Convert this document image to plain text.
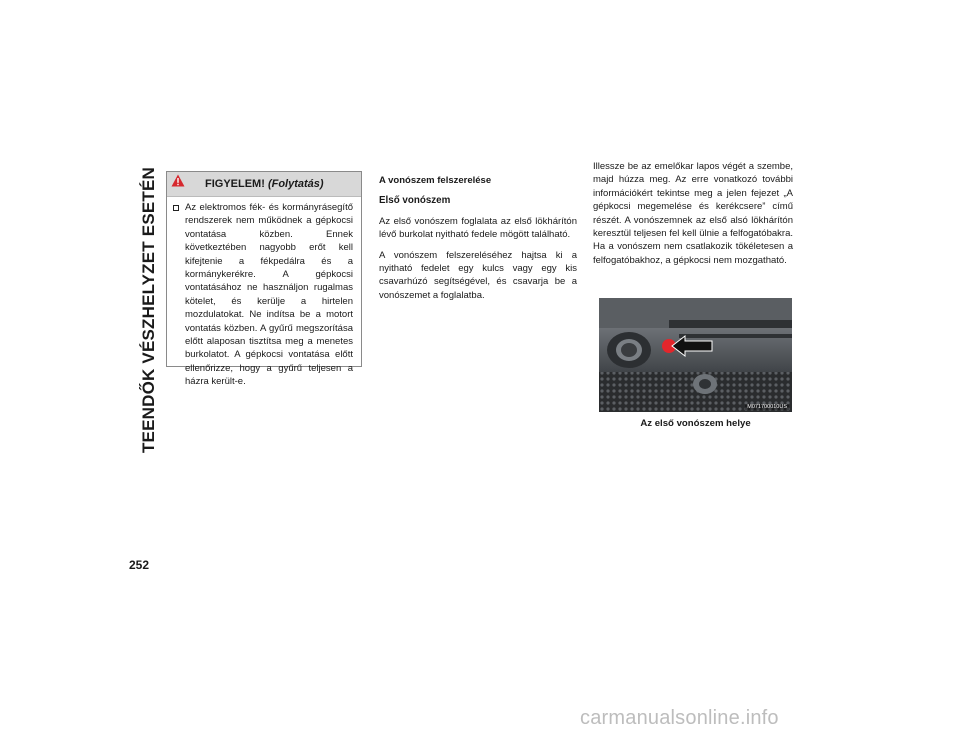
TEENDŐK VÉSZHELYZET ESETÉN
252
FIGYELEM! (Folytatás)

Az elektromos fék- és kormányrásegítő rendszerek nem működnek a gépkocsi vontatása közben. Ennek következtében nagyobb erőt kell kifejtenie a fékpedálra és a kormánykerékre. A gépkocsi vontatásához ne használjon rugalmas kötelet, és kerülje a hirtelen mozdulatokat. Ne indítsa be a motort vontatás közben. A gyűrű megszorítása előtt alaposan tisztítsa meg a menetes burkolatot. A gépkocsi vontatása előtt ellenőrizze, hogy a gyűrű teljesen a házra került-e.

A vonószem felszerelése

Első vonószem

Az első vonószem foglalata az első lökhárítón lévő burkolat nyitható fedele mögött található.

A vonószem felszereléséhez hajtsa ki a nyitható fedelet egy kulcs vagy egy kis csavarhúzó segítségével, és csavarja be a vonószemet a foglalatba.

Illessze be az emelőkar lapos végét a szembe, majd húzza meg. Az erre vonatkozó további információkért tekintse meg a jelen fejezet „A gépkocsi megemelése és kerékcsere” című részét. A vonószemnek az első alsó lökhárítón keresztül teljesen fel kell ülnie a felfogatóbakra. Ha a vonószem nem csatlakozik tökéletesen a felfogatóbakhoz, a gépkocsi nem mozgatható.

M071700010US
Az első vonószem helye
carmanualsonline.info
